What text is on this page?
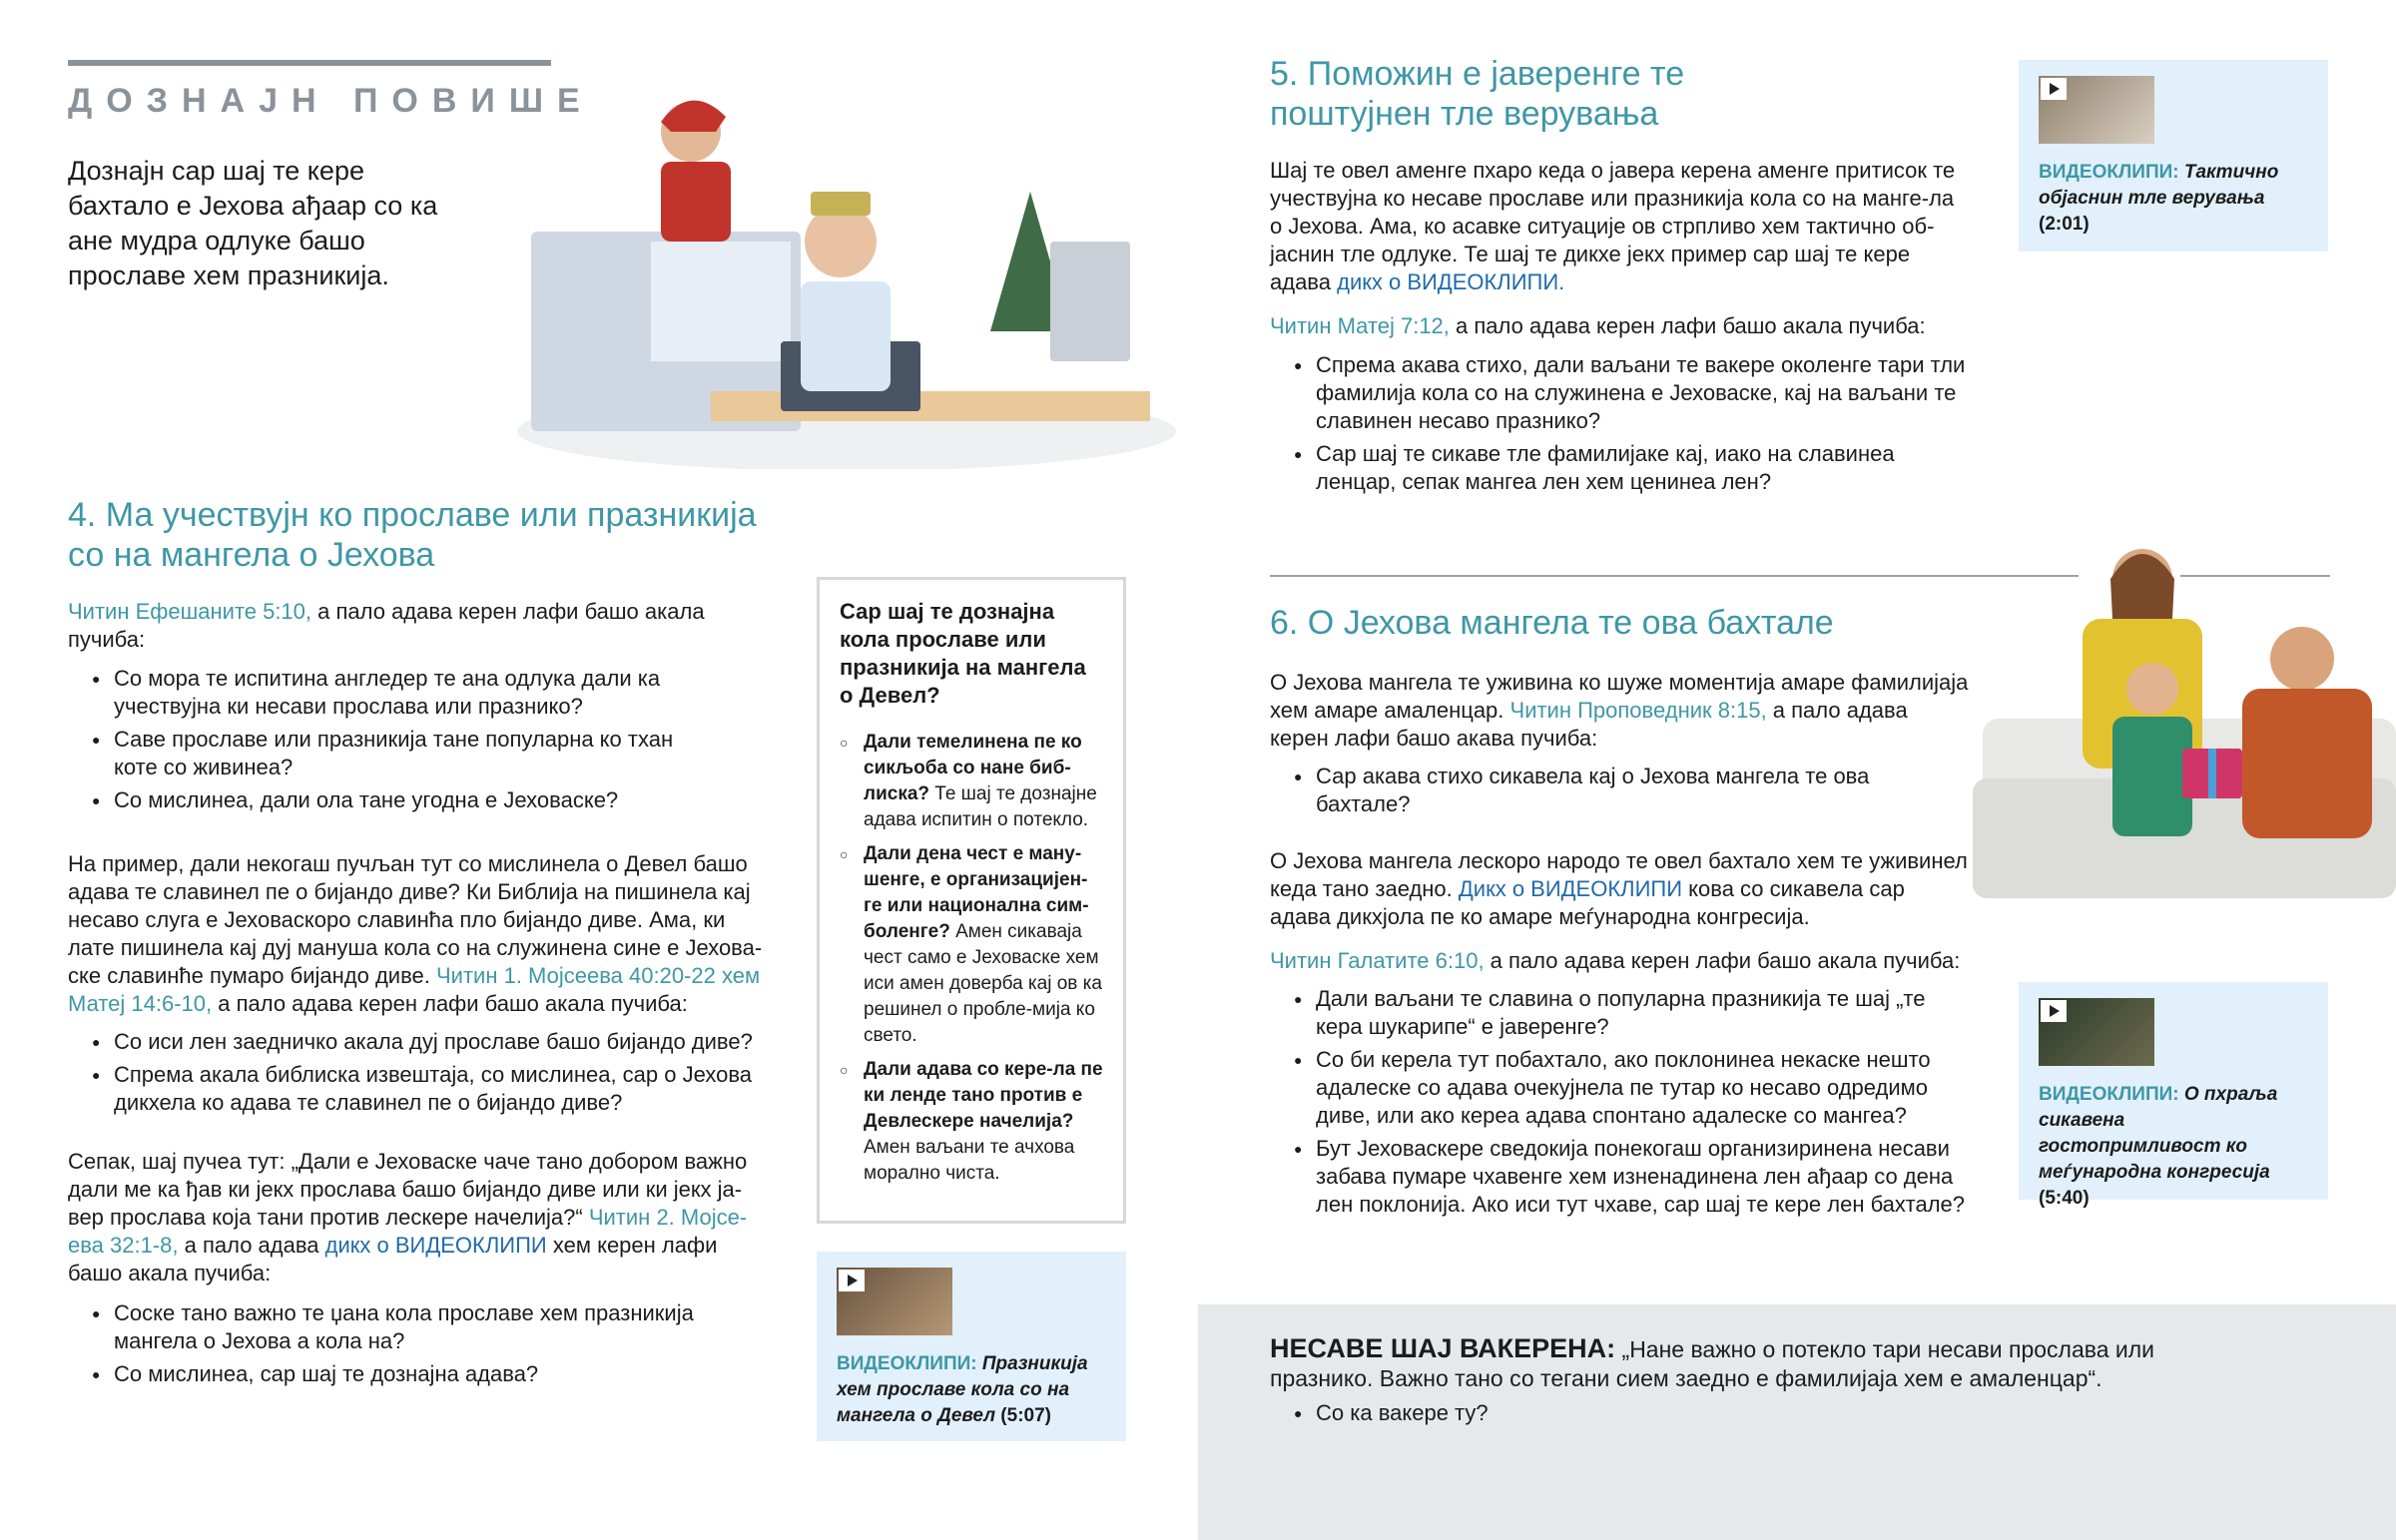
ДОЗНАЈН ПОВИШЕ
Дознајн сар шај те кере бахтало е Јехова ађаар со ка ане мудра одлуке башо прославе хем празникија.
4. Ма учествујн ко прославе или празникија со на мангела о Јехова
Читин Ефешаните 5:10, а пало адава керен лафи башо акала пучиба:
● Со мора те испитина англедер те ана одлука дали ка учествујна ки несави прослава или празнико?
● Саве прославе или празникија тане популарна ко тхан коте со живинеа?
● Со мислинеа, дали ола тане угодна е Јеховаске?
На пример, дали некогаш пучљан тут со мислинела о Девел башо адава те славинел пе о бијандо диве? Ки Библија на пишинела кај несаво слуга е Јеховаскоро славинћа пло бијандо диве. Ама, ки лате пишинела кај дуј мануша кола со на служинена сине е Јехова-ске славинће пумаро бијандо диве. Читин 1. Мојсеева 40:20-22 хем Матеј 14:6-10, а пало адава керен лафи башо акала пучиба:
● Со иси лен заедничко акала дуј прославе башо бијандо диве?
● Спрема акала библиска извештаја, со мислинеа, сар о Јехова дикхела ко адава те славинел пе о бијандо диве?
Сепак, шај пучеа тут: „Дали е Јеховаске чаче тано добором важно дали ме ка ђав ки јекх прослава башо бијандо диве или ки јекх ја-вер прослава која тани против лескере начелија?“ Читин 2. Мојсе-ева 32:1-8, а пало адава дикх о ВИДЕОКЛИПИ хем керен лафи башо акала пучиба:
● Соске тано важно те џана кола прославе хем празникија мангела о Јехова а кола на?
● Со мислинеа, сар шај те дознајна адава?
Сар шај те дознајна кола прославе или празникија на мангела о Девел?
○ Дали темелинена пе ко сикљоба со нане биб-лиска? Те шај те дознајне адава испитин о потекло.
○ Дали дена чест е ману-шенге, е организацијен-ге или национална сим-боленге? Амен сикаваја чест само е Јеховаске хем иси амен доверба кај ов ка решинел о пробле-мија ко свето.
○ Дали адава со кере-ла пе ки ленде тано против е Девлескере начелија? Амен ваљани те ачхова морално чиста.
ВИДЕОКЛИПИ: Празникија хем прославе кола со на мангела о Девел (5:07)
5. Поможин е јаверенге те поштујнен тле верувања
Шај те овел аменге пхаро кеда о јавера керена аменге притисок те учествујна ко несаве прославе или празникија кола со на манге-ла о Јехова. Ама, ко асавке ситуације ов стрпливо хем тактично об-јаснин тле одлуке. Те шај те дикхе јекх пример сар шај те кере адава дикх о ВИДЕОКЛИПИ.
Читин Матеј 7:12, а пало адава керен лафи башо акала пучиба:
● Спрема акава стихо, дали ваљани те вакере околенге тари тли фамилија кола со на служинена е Јеховаске, кај на ваљани те славинен несаво празнико?
● Сар шај те сикаве тле фамилијаке кај, иако на славинеа ленцар, сепак мангеа лен хем ценинеа лен?
ВИДЕОКЛИПИ: Тактично објаснин тле верувања
(2:01)
6. О Јехова мангела те ова бахтале
О Јехова мангела те уживина ко шуже моментија амаре фамилијаја хем амаре амаленцар. Читин Проповедник 8:15, а пало адава керен лафи башо акава пучиба:
● Сар акава стихо сикавела кај о Јехова мангела те ова бахтале?
О Јехова мангела лескоро народо те овел бахтало хем те уживинел кеда тано заедно. Дикх о ВИДЕОКЛИПИ кова со сикавела сар адава дикхјола пе ко амаре меѓународна конгресија.
Читин Галатите 6:10, а пало адава керен лафи башо акала пучиба:
● Дали ваљани те славина о популарна празникија те шај „те кера шукарипе“ е јаверенге?
● Со би керела тут побахтало, ако поклонинеа некаске нешто адалеске со адава очекујнела пе тутар ко несаво одредимо диве, или ако кереа адава спонтано адалеске со мангеа?
● Бут Јеховаскере сведокија понекогаш организиринена несави забава пумаре чхавенге хем изненадинена лен ађаар со дена лен поклонија. Ако иси тут чхаве, сар шај те кере лен бахтале?
ВИДЕОКЛИПИ: О пхраља сикавена гостопримливост ко меѓународна конгресија
(5:40)
НЕСАВЕ ШАЈ ВАКЕРЕНА: „Нане важно о потекло тари несави прослава или празнико. Важно тано со тегани сием заедно е фамилијаја хем е амаленцар“.
● Со ка вакере ту?
